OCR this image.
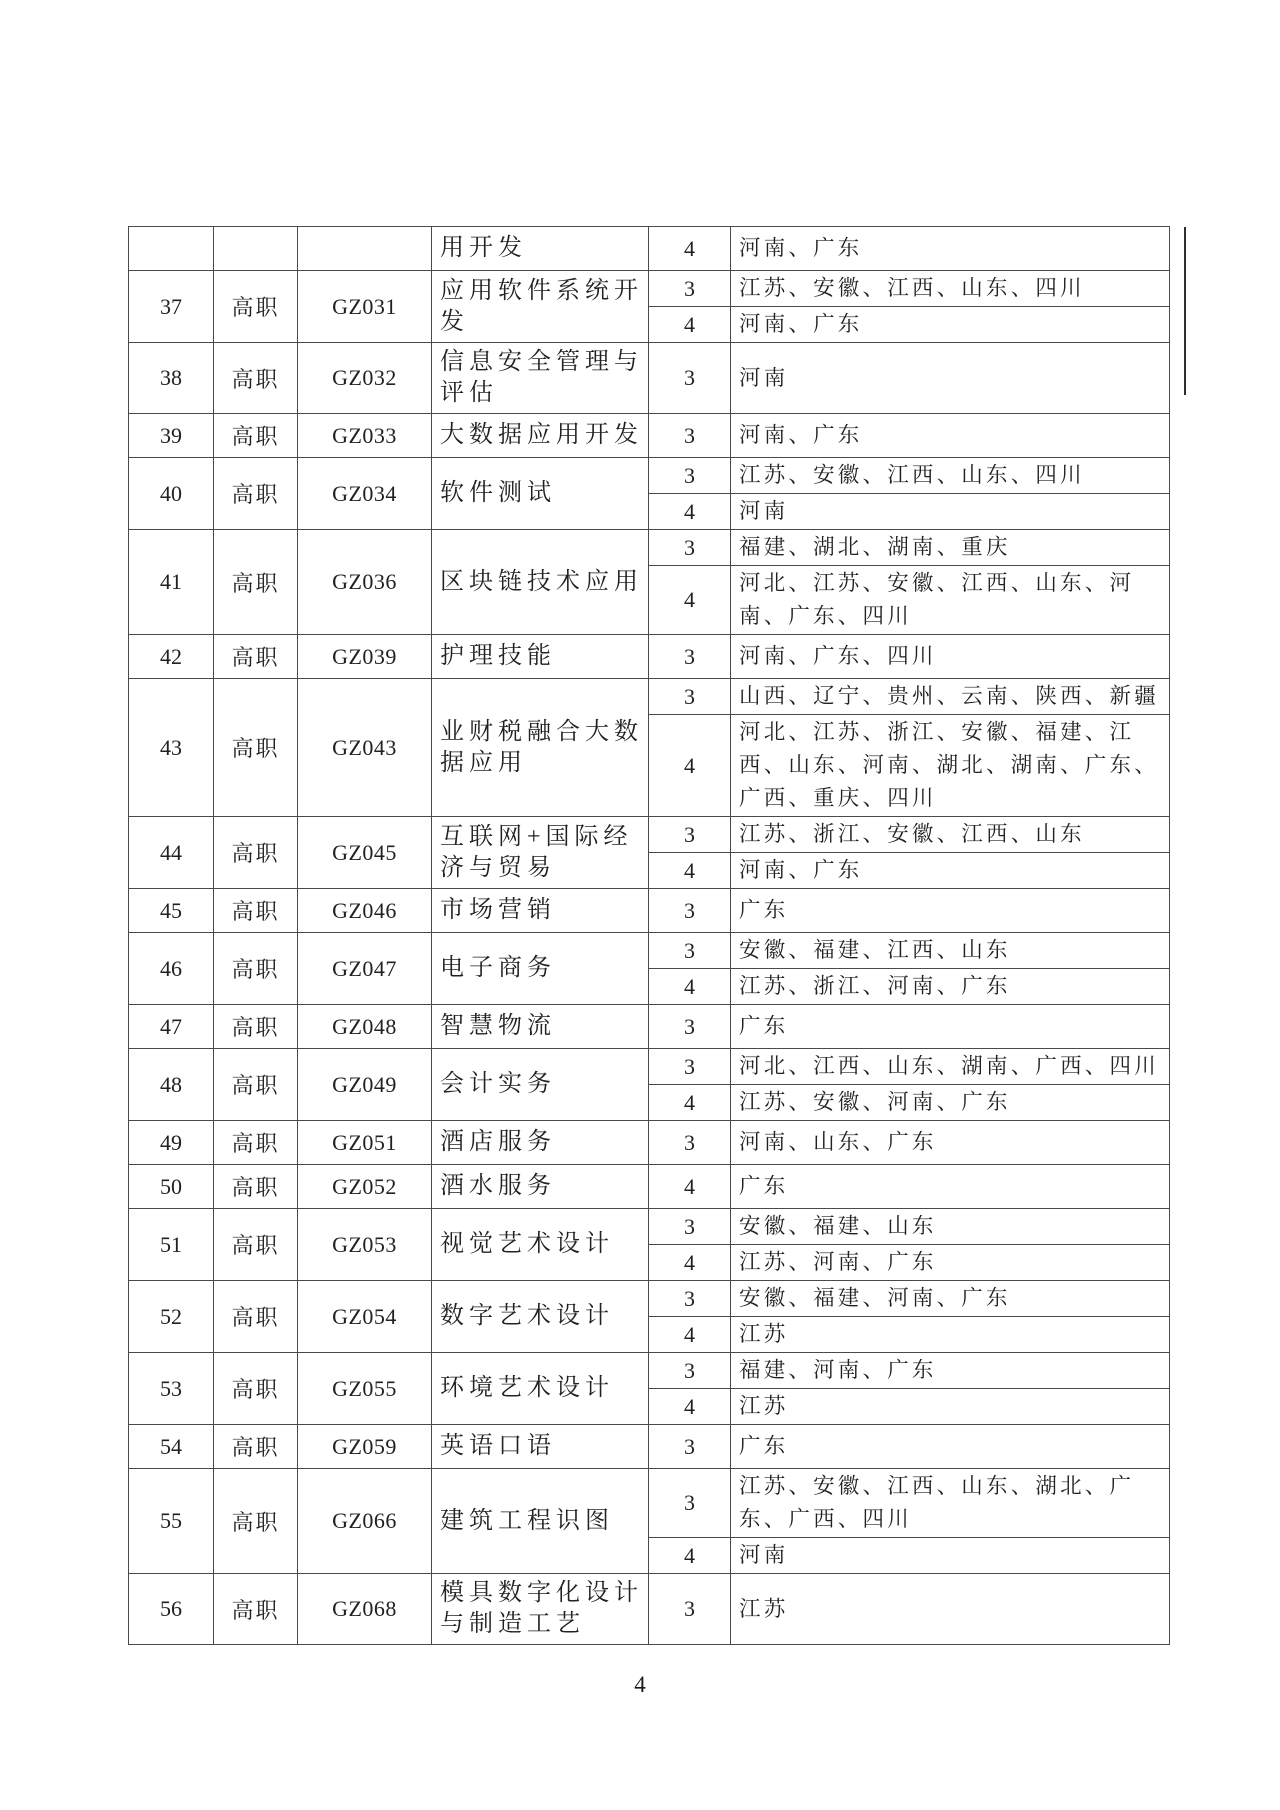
			用开发	4	河南、广东
37	高职	GZ031	应用软件系统开发	3	江苏、安徽、江西、山东、四川
				4	河南、广东
38	高职	GZ032	信息安全管理与评估	3	河南
39	高职	GZ033	大数据应用开发	3	河南、广东
40	高职	GZ034	软件测试	3	江苏、安徽、江西、山东、四川
				4	河南
41	高职	GZ036	区块链技术应用	3	福建、湖北、湖南、重庆
				4	河北、江苏、安徽、江西、山东、河南、广东、四川
42	高职	GZ039	护理技能	3	河南、广东、四川
43	高职	GZ043	业财税融合大数据应用	3	山西、辽宁、贵州、云南、陕西、新疆
				4	河北、江苏、浙江、安徽、福建、江西、山东、河南、湖北、湖南、广东、广西、重庆、四川
44	高职	GZ045	互联网+国际经济与贸易	3	江苏、浙江、安徽、江西、山东
				4	河南、广东
45	高职	GZ046	市场营销	3	广东
46	高职	GZ047	电子商务	3	安徽、福建、江西、山东
				4	江苏、浙江、河南、广东
47	高职	GZ048	智慧物流	3	广东
48	高职	GZ049	会计实务	3	河北、江西、山东、湖南、广西、四川
				4	江苏、安徽、河南、广东
49	高职	GZ051	酒店服务	3	河南、山东、广东
50	高职	GZ052	酒水服务	4	广东
51	高职	GZ053	视觉艺术设计	3	安徽、福建、山东
				4	江苏、河南、广东
52	高职	GZ054	数字艺术设计	3	安徽、福建、河南、广东
				4	江苏
53	高职	GZ055	环境艺术设计	3	福建、河南、广东
				4	江苏
54	高职	GZ059	英语口语	3	广东
55	高职	GZ066	建筑工程识图	3	江苏、安徽、江西、山东、湖北、广东、广西、四川
				4	河南
56	高职	GZ068	模具数字化设计与制造工艺	3	江苏
4
